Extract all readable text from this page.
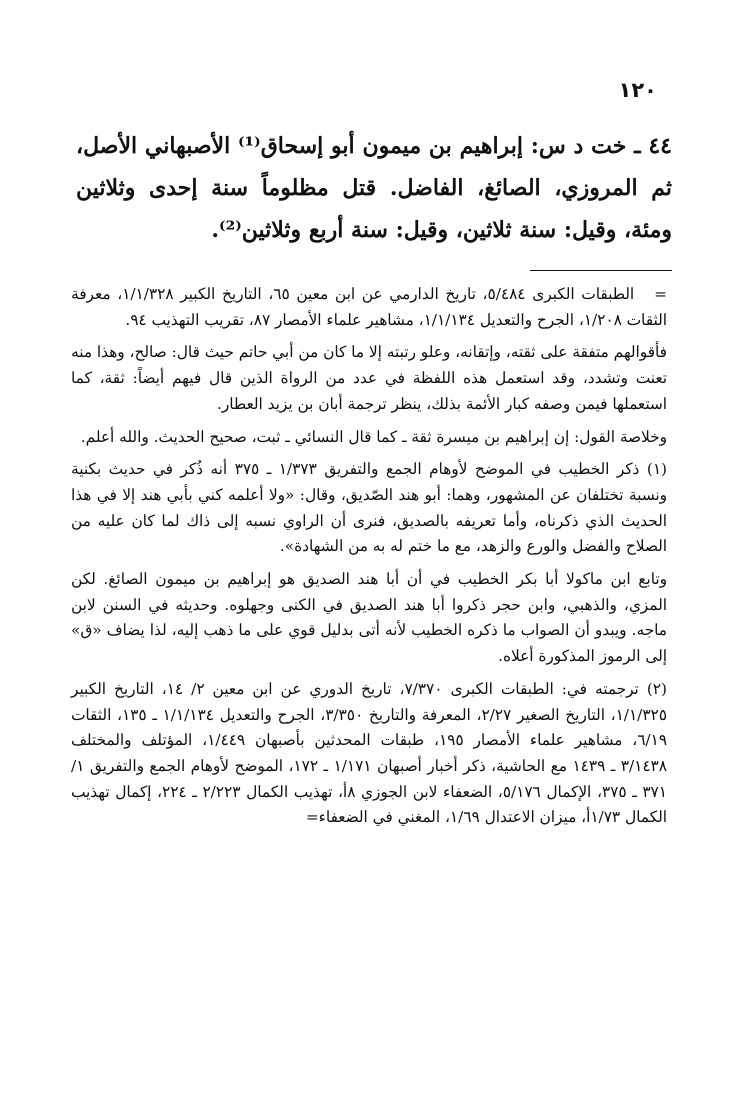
١٢٠
٤٤ ـ خت د س: إبراهيم بن ميمون أبو إسحاق⁽¹⁾ الأصبهاني الأصل، ثم المروزي، الصائغ، الفاضل. قتل مظلوماً سنة إحدى وثلاثين ومئة، وقيل: سنة ثلاثين، وقيل: سنة أربع وثلاثين⁽²⁾.

=الطبقات الكبرى ٥/٤٨٤، تاريخ الدارمي عن ابن معين ٦٥، التاريخ الكبير ١/١/٣٢٨، معرفة الثقات ١/٢٠٨، الجرح والتعديل ١/١/١٣٤، مشاهير علماء الأمصار ٨٧، تقريب التهذيب ٩٤.

فأقوالهم متفقة على ثقته، وإتقانه، وعلو رتبته إلا ما كان من أبي حاتم حيث قال: صالح، وهذا منه تعنت وتشدد، وقد استعمل هذه اللفظة في عدد من الرواة الذين قال فيهم أيضاً: ثقة، كما استعملها فيمن وصفه كبار الأئمة بذلك، ينظر ترجمة أبان بن يزيد العطار.

وخلاصة القول: إن إبراهيم بن ميسرة ثقة ـ كما قال النسائي ـ ثبت، صحيح الحديث. والله أعلم.

(١) ذكر الخطيب في الموضح لأوهام الجمع والتفريق ١/٣٧٣ ـ ٣٧٥ أنه ذُكر في حديث بكنية ونسبة تختلفان عن المشهور، وهما: أبو هند الصّديق، وقال: «ولا أعلمه كني بأبي هند إلا في هذا الحديث الذي ذكرناه، وأما تعريفه بالصديق، فنرى أن الراوي نسبه إلى ذاك لما كان عليه من الصلاح والفضل والورع والزهد، مع ما ختم له به من الشهادة».

وتابع ابن ماكولا أبا بكر الخطيب في أن أبا هند الصديق هو إبراهيم بن ميمون الصائغ. لكن المزي، والذهبي، وابن حجر ذكروا أبا هند الصديق في الكنى وجهلوه. وحديثه في السنن لابن ماجه. ويبدو أن الصواب ما ذكره الخطيب لأنه أتى بدليل قوي على ما ذهب إليه، لذا يضاف «ق» إلى الرموز المذكورة أعلاه.

(٢) ترجمته في: الطبقات الكبرى ٧/٣٧٠، تاريخ الدوري عن ابن معين ٢/ ١٤، التاريخ الكبير ١/١/٣٢٥، التاريخ الصغير ٢/٢٧، المعرفة والتاريخ ٣/٣٥٠، الجرح والتعديل ١/١/١٣٤ ـ ١٣٥، الثقات ٦/١٩، مشاهير علماء الأمصار ١٩٥، طبقات المحدثين بأصبهان ١/٤٤٩، المؤتلف والمختلف ٣/١٤٣٨ ـ ١٤٣٩ مع الحاشية، ذكر أخبار أصبهان ١/١٧١ ـ ١٧٢، الموضح لأوهام الجمع والتفريق ١/ ٣٧١ ـ ٣٧٥، الإكمال ٥/١٧٦، الضعفاء لابن الجوزي ٨أ، تهذيب الكمال ٢/٢٢٣ ـ ٢٢٤، إكمال تهذيب الكمال ١/٧٣أ، ميزان الاعتدال ١/٦٩، المغني في الضعفاء=
